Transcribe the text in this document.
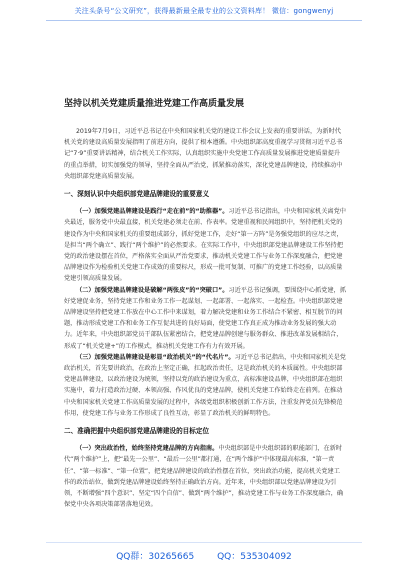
关注头条号“公文研究”，获得最新最全最专业的公文资料库！ 微信：gongwenyj
坚持以机关党建质量推进党建工作高质量发展

2019年7月9日，习近平总书记在中央和国家机关党的建设工作会议上发表的重要讲话，为新时代机关党的建设高质量发展指明了前进方向，提供了根本遵循。中央组织部高度重视学习贯彻习近平总书记“7·9”重要讲话精神，结合机关工作实际，认真组织实施中央党建工作高质量发展推进党建质量提升的重点举措，切实加强党的领导，坚持全面从严治党，抓紧推动落实，深化党建品牌建设，持续推动中央组织部党建高质量发展。

一、深刻认识中央组织部党建品牌建设的重要意义

（一）加强党建品牌建设是践行“走在前”的“助推器”。习近平总书记指出，中央和国家机关离党中央最近，服务党中央最直接，机关党建必须走在前、作表率。党建重视和民间组织中，坚持把机关党的建设作为中央和国家机关的重要组成部分，抓好党建工作，走好“第一方阵”是务强党组织的应尽之责，是担当“两个确立”、践行“两个维护”的必然要求。在实际工作中，中央组织部党建品牌建设工作坚持把党的政治建设摆在首位，严格落实全面从严治党要求，推动机关党建工作与业务工作深度融合，把党建品牌建设作为检验机关党建工作成效的重要标尺，形成一批可复制、可推广的党建工作经验，以高质量党建引领高质量发展。

（二）加强党建品牌建设是破解“两张皮”的“突破口”。习近平总书记强调，要围绕中心抓党建，抓好党建促业务，坚持党建工作和业务工作一起谋划、一起部署、一起落实、一起检查。中央组织部党建品牌建设坚持把党建工作放在中心工作中来谋划，着力解决党建和业务工作结合不紧密、相互脱节的问题，推动形成党建工作和业务工作互促共进的良好局面，使党建工作真正成为推动业务发展的强大动力。近年来，中央组织部党员干部队伍紧密结合，把党建品牌创建与服务群众、推进改革发展相结合，形成了“机关党建+”的工作模式，推动机关党建工作有力有效开展。

（三）加强党建品牌建设是彰显“政治机关”的“代名片”。习近平总书记指出，中央和国家机关是党政治机关，首先要讲政治，在政治上坚定正确，扛起政治责任，这是政治机关的本质属性。中央组织部党建品牌建设，以政治建设为统领，坚持以党的政治建设为重点，高标准建设品牌，中央组织部在组织实施中，着力打造政治过硬、本领高强、作风优良的党建品牌，使机关党建工作始终走在前列。在推动中央和国家机关党建工作高质量发展的过程中，各级党组织积极创新工作方法，注重发挥党员先锋模范作用，使党建工作与业务工作形成了良性互动，彰显了政治机关的鲜明特色。

二、准确把握中央组织部党建品牌建设的目标定位

（一）突出政治性，始终坚持党建品牌的方向指南。中央组织部是中央组织部的职能部门，在新时代“两个维护”上，把“最先一公里”、“最后一公里”都打通，在“两个维护”中体现最高标准，“第一责任”、“第一标准”、“第一位置”，把党建品牌建设的政治性摆在首位，突出政治功能，提高机关党建工作的政治站位，做到党建品牌建设始终坚持正确政治方向。近年来，中央组织部以党建品牌建设为引领，不断增强“四个意识”、坚定“四个自信”、做到“两个维护”，推动党建工作与业务工作深度融合，确保党中央各项决策部署落地见效。

QQ群：30265665	QQ：535304092
